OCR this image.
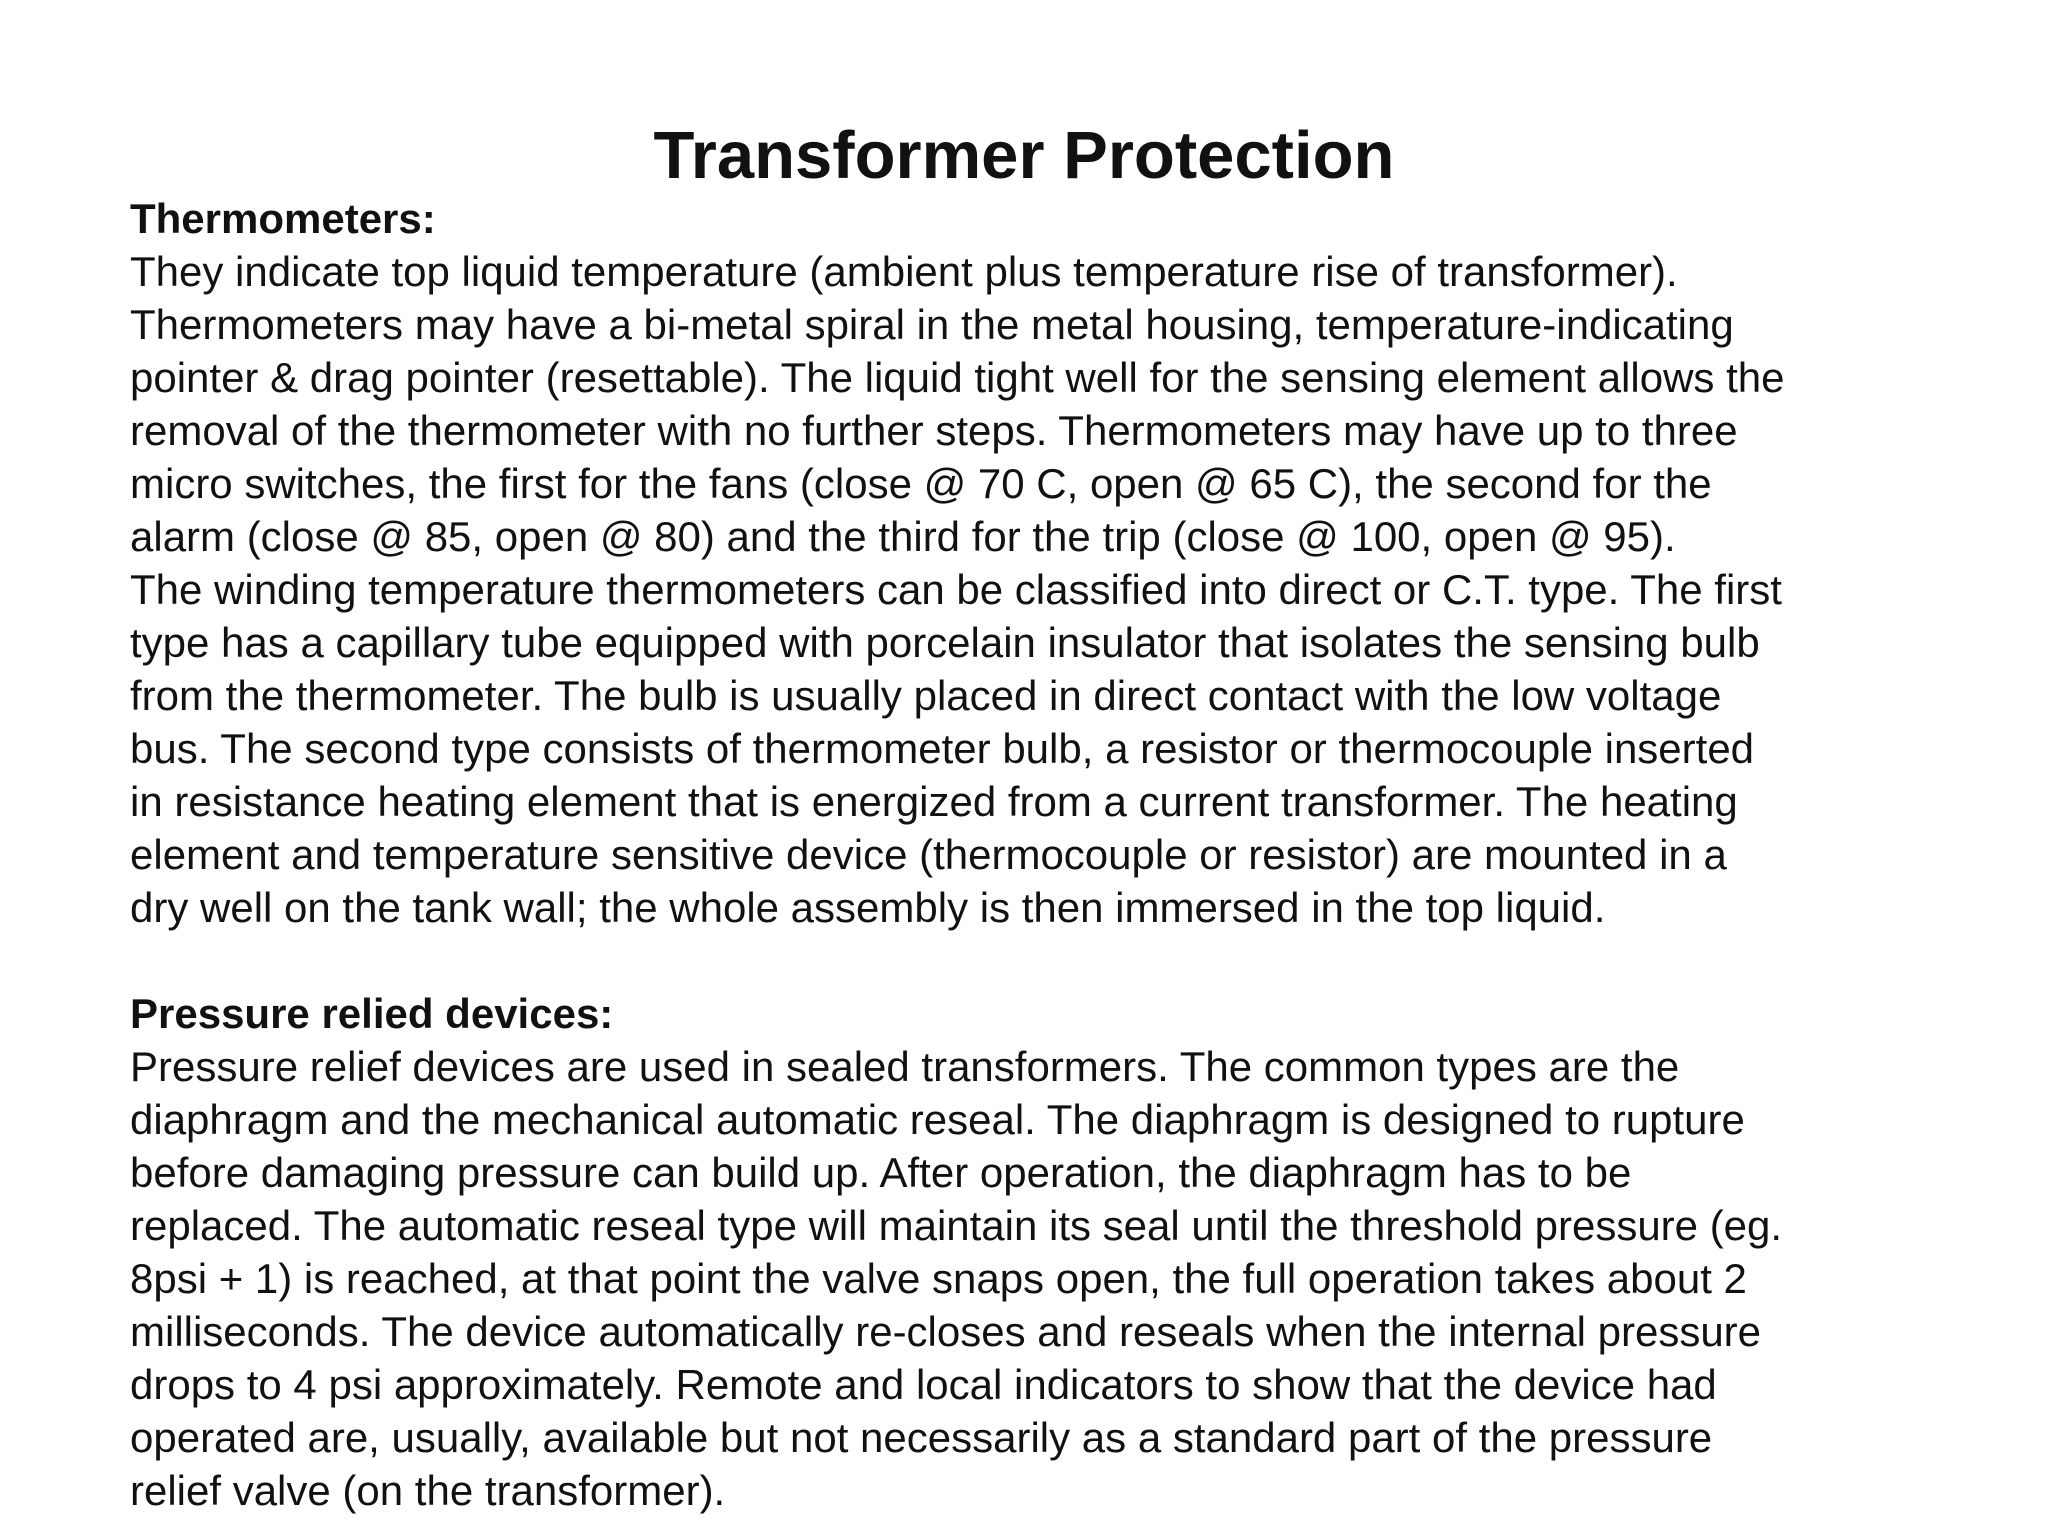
Transformer Protection

Thermometers:

They indicate top liquid temperature (ambient plus temperature rise of transformer).

Thermometers may have a bi-metal spiral in the metal housing, temperature-indicating

pointer & drag pointer (resettable). The liquid tight well for the sensing element allows the

removal of the thermometer with no further steps. Thermometers may have up to three

micro switches, the first for the fans (close @ 70 C, open @ 65 C), the second for the

alarm (close @ 85, open @ 80) and the third for the trip (close @ 100, open @ 95).

The winding temperature thermometers can be classified into direct or C.T. type. The first

type has a capillary tube equipped with porcelain insulator that isolates the sensing bulb

from the thermometer. The bulb is usually placed in direct contact with the low voltage

bus. The second type consists of thermometer bulb, a resistor or thermocouple inserted

in resistance heating element that is energized from a current transformer. The heating

element and temperature sensitive device (thermocouple or resistor) are mounted in a

dry well on the tank wall; the whole assembly is then immersed in the top liquid.

Pressure relied devices:

Pressure relief devices are used in sealed transformers. The common types are the

diaphragm and the mechanical automatic reseal. The diaphragm is designed to rupture

before damaging pressure can build up. After operation, the diaphragm has to be

replaced. The automatic reseal type will maintain its seal until the threshold pressure (eg.

8psi + 1) is reached, at that point the valve snaps open, the full operation takes about 2

milliseconds. The device automatically re-closes and reseals when the internal pressure

drops to 4 psi approximately. Remote and local indicators to show that the device had

operated are, usually, available but not necessarily as a standard part of the pressure

relief valve (on the transformer).
